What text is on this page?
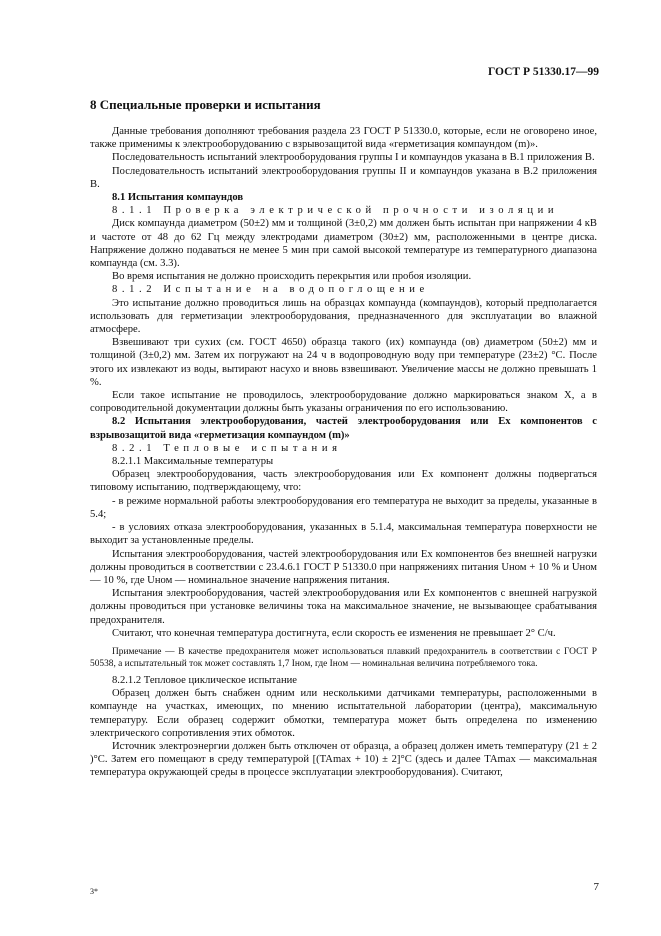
ГОСТ Р 51330.17—99
8 Специальные проверки и испытания

Данные требования дополняют требования раздела 23 ГОСТ Р 51330.0, которые, если не оговорено иное, также применимы к электрооборудованию с взрывозащитой вида «герметизация компаундом (m)».

Последовательность испытаний электрооборудования группы I и компаундов указана в В.1 приложения В.

Последовательность испытаний электрооборудования группы II и компаундов указана в В.2 приложения В.

8.1 Испытания компаундов

8.1.1 Проверка электрической прочности изоляции

Диск компаунда диаметром (50±2) мм и толщиной (3±0,2) мм должен быть испытан при напряжении 4 кВ и частоте от 48 до 62 Гц между электродами диаметром (30±2) мм, расположенными в центре диска. Напряжение должно подаваться не менее 5 мин при самой высокой температуре из температурного диапазона компаунда (см. 3.3).

Во время испытания не должно происходить перекрытия или пробоя изоляции.

8.1.2 Испытание на водопоглощение

Это испытание должно проводиться лишь на образцах компаунда (компаундов), который предполагается использовать для герметизации электрооборудования, предназначенного для эксплуатации во влажной атмосфере.

Взвешивают три сухих (см. ГОСТ 4650) образца такого (их) компаунда (ов) диаметром (50±2) мм и толщиной (3±0,2) мм. Затем их погружают на 24 ч в водопроводную воду при температуре (23±2) °С. После этого их извлекают из воды, вытирают насухо и вновь взвешивают. Увеличение массы не должно превышать 1 %.

Если такое испытание не проводилось, электрооборудование должно маркироваться знаком X, а в сопроводительной документации должны быть указаны ограничения по его использованию.

8.2 Испытания электрооборудования, частей электрооборудования или Ex компонентов с взрывозащитой вида «герметизация компаундом (m)»

8.2.1 Тепловые испытания

8.2.1.1 Максимальные температуры

Образец электрооборудования, часть электрооборудования или Ex компонент должны подвергаться типовому испытанию, подтверждающему, что:

- в режиме нормальной работы электрооборудования его температура не выходит за пределы, указанные в 5.4;

- в условиях отказа электрооборудования, указанных в 5.1.4, максимальная температура поверхности не выходит за установленные пределы.

Испытания электрооборудования, частей электрооборудования или Ex компонентов без внешней нагрузки должны проводиться в соответствии с 23.4.6.1 ГОСТ Р 51330.0 при напряжениях питания Uном + 10 % и Uном — 10 %, где Uном — номинальное значение напряжения питания.

Испытания электрооборудования, частей электрооборудования или Ex компонентов с внешней нагрузкой должны проводиться при установке величины тока на максимальное значение, не вызывающее срабатывания предохранителя.

Считают, что конечная температура достигнута, если скорость ее изменения не превышает 2° С/ч.

Примечание — В качестве предохранителя может использоваться плавкий предохранитель в соответствии с ГОСТ Р 50538, а испытательный ток может составлять 1,7 Iном, где Iном — номинальная величина потребляемого тока.

8.2.1.2 Тепловое циклическое испытание

Образец должен быть снабжен одним или несколькими датчиками температуры, расположенными в компаунде на участках, имеющих, по мнению испытательной лаборатории (центра), максимальную температуру. Если образец содержит обмотки, температура может быть определена по изменению электрического сопротивления этих обмоток.

Источник электроэнергии должен быть отключен от образца, а образец должен иметь температуру (21 ± 2 )°С. Затем его помещают в среду температурой [(TAmax + 10) ± 2]°С (здесь и далее TAmax — максимальная температура окружающей среды в процессе эксплуатации электрооборудования). Считают,

3*	7
